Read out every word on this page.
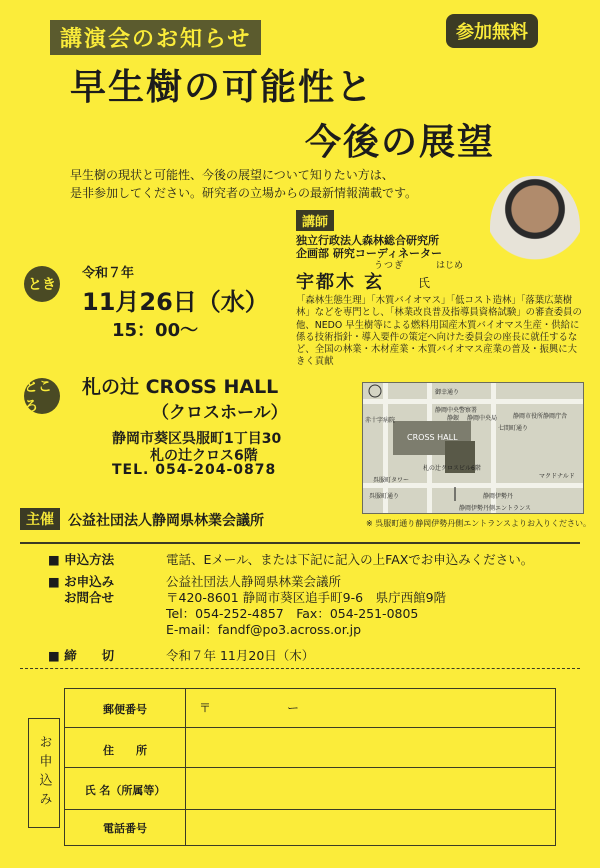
講演会のお知らせ	参加無料
早生樹の可能性と
今後の展望
早生樹の現状と可能性、今後の展望について知りたい方は、
是非参加してください。研究者の立場からの最新情報満載です。
講師
独立行政法人森林総合研究所
企画部 研究コーディネーター
うつぎ	はじめ
宇都木 玄	氏
「森林生態生理」「木質バイオマス」「低コスト造林」「落葉広葉樹林」などを専門とし、「林業改良普及指導員資格試験」の審査委員の他、NEDO 早生樹等による燃料用国産木質バイオマス生産・供給に係る技術指針・導入要件の策定へ向けた委員会の座長に就任するなど、全国の林業・木材産業・木質バイオマス産業の普及・振興に大きく貢献
とき
令和７年
11月26日（水）
15：00〜
ところ
札の辻 CROSS HALL
（クロスホール）
静岡市葵区呉服町1丁目30
札の辻クロス6階
TEL. 054-204-0878
御幸通り
静岡中央警察署
赤十字病院	静銀 静岡中央局	静岡市役所静岡庁舎
CROSS HALL
七間町通り
呉服町タワー
札の辻クロスビル6階
マクドナルド
静岡伊勢丹
呉服町通り
静岡伊勢丹側エントランス
※ 呉服町通り静岡伊勢丹側エントランスよりお入りください。
主催	公益社団法人静岡県林業会議所
■ 申込方法	電話、Eメール、または下記に記入の上FAXでお申込みください。
■ お申込み
お問合せ
公益社団法人静岡県林業会議所
〒420-8601 静岡市葵区追手町9-6　県庁西館9階
Tel：054-252-4857　Fax：054-251-0805
E-mail：fandf@po3.across.or.jp
■ 締　　切	令和７年 11月20日（木）
お申込み
郵便番号	〒	ー
住　　所
氏 名（所属等）
電話番号
